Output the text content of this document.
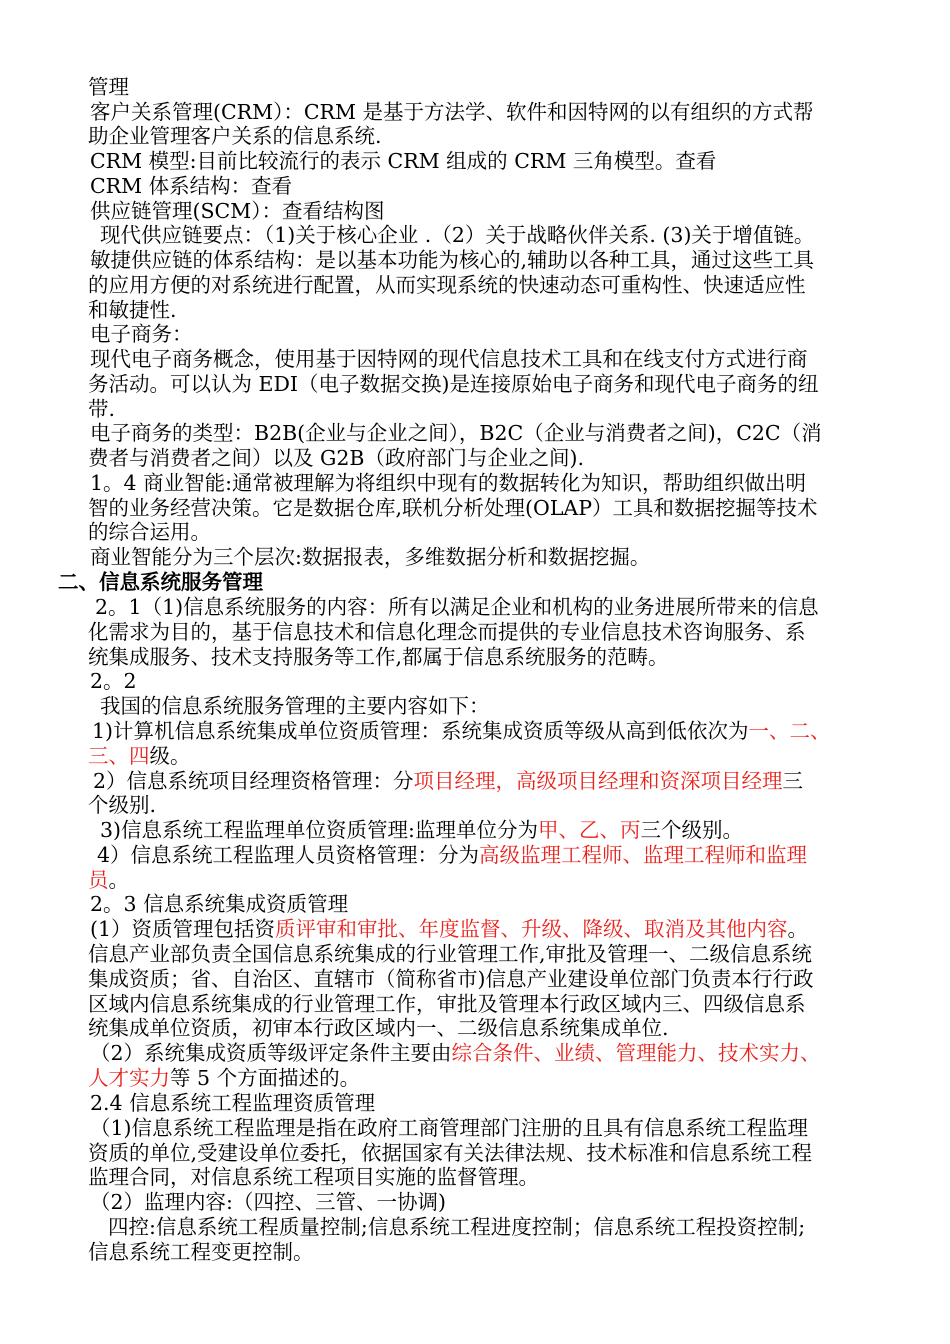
管理
客户关系管理(CRM）：CRM 是基于方法学、软件和因特网的以有组织的方式帮
助企业管理客户关系的信息系统.
CRM 模型:目前比较流行的表示 CRM 组成的 CRM 三角模型。查看
CRM 体系结构：查看
供应链管理(SCM）：查看结构图
现代供应链要点：（1)关于核心企业 .（2）关于战略伙伴关系. (3)关于增值链。
敏捷供应链的体系结构：是以基本功能为核心的,辅助以各种工具，通过这些工具
的应用方便的对系统进行配置，从而实现系统的快速动态可重构性、快速适应性
和敏捷性.
电子商务：
现代电子商务概念，使用基于因特网的现代信息技术工具和在线支付方式进行商
务活动。可以认为 EDI（电子数据交换)是连接原始电子商务和现代电子商务的纽
带.
电子商务的类型：B2B(企业与企业之间），B2C（企业与消费者之间)，C2C（消
费者与消费者之间）以及 G2B（政府部门与企业之间).
1。4 商业智能:通常被理解为将组织中现有的数据转化为知识，帮助组织做出明
智的业务经营决策。它是数据仓库,联机分析处理(OLAP）工具和数据挖掘等技术
的综合运用。
商业智能分为三个层次:数据报表，多维数据分析和数据挖掘。
二、信息系统服务管理
2。1（1)信息系统服务的内容：所有以满足企业和机构的业务进展所带来的信息
化需求为目的，基于信息技术和信息化理念而提供的专业信息技术咨询服务、系
统集成服务、技术支持服务等工作,都属于信息系统服务的范畴。
2。2
我国的信息系统服务管理的主要内容如下：
1)计算机信息系统集成单位资质管理：系统集成资质等级从高到低依次为一、二、
三、四级。
2）信息系统项目经理资格管理：分项目经理，高级项目经理和资深项目经理三
个级别.
3)信息系统工程监理单位资质管理:监理单位分为甲、乙、丙三个级别。
4）信息系统工程监理人员资格管理：分为高级监理工程师、监理工程师和监理
员。
2。3 信息系统集成资质管理
(1）资质管理包括资质评审和审批、年度监督、升级、降级、取消及其他内容。
信息产业部负责全国信息系统集成的行业管理工作,审批及管理一、二级信息系统
集成资质；省、自治区、直辖市（简称省市)信息产业建设单位部门负责本行行政
区域内信息系统集成的行业管理工作，审批及管理本行政区域内三、四级信息系
统集成单位资质，初审本行政区域内一、二级信息系统集成单位.
（2）系统集成资质等级评定条件主要由综合条件、业绩、管理能力、技术实力、
人才实力等 5 个方面描述的。
2.4 信息系统工程监理资质管理
（1)信息系统工程监理是指在政府工商管理部门注册的且具有信息系统工程监理
资质的单位,受建设单位委托，依据国家有关法律法规、技术标准和信息系统工程
监理合同，对信息系统工程项目实施的监督管理。
（2）监理内容:（四控、三管、一协调)
四控:信息系统工程质量控制;信息系统工程进度控制；信息系统工程投资控制;
信息系统工程变更控制。
